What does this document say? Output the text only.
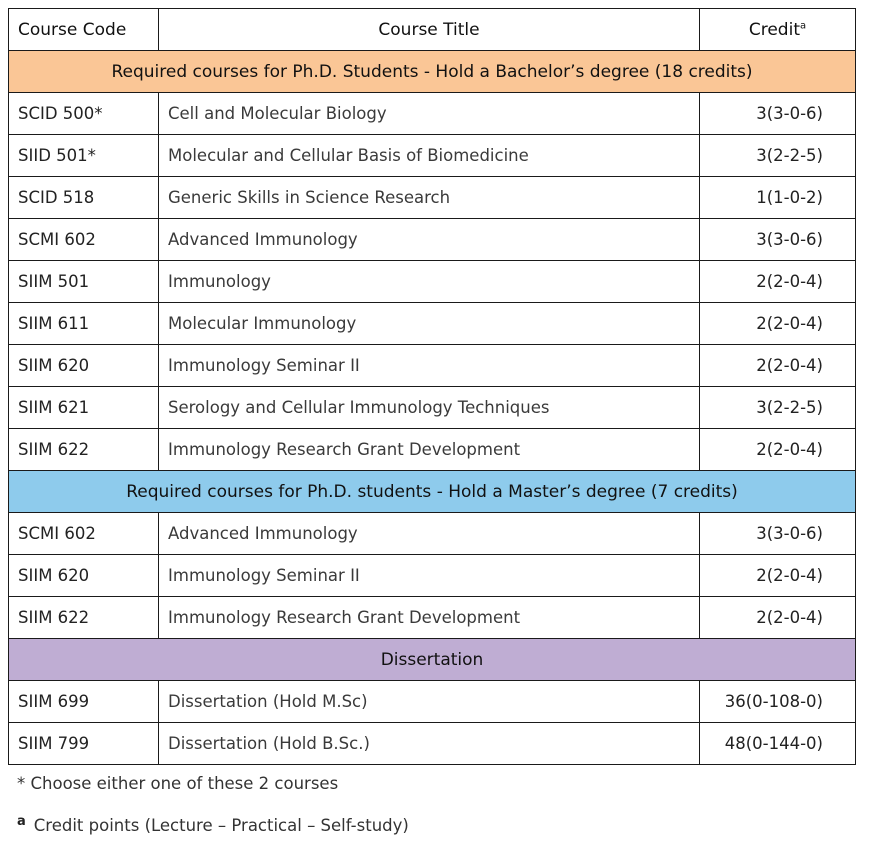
Course Code	Course Title	Credit$^a$
Required courses for Ph.D. Students - Hold a Bachelor’s degree (18 credits)		
SCID 500*	Cell and Molecular Biology	3(3-0-6)
SIID 501*	Molecular and Cellular Basis of Biomedicine	3(2-2-5)
SCID 518	Generic Skills in Science Research	1(1-0-2)
SCMI 602	Advanced Immunology	3(3-0-6)
SIIM 501	Immunology	2(2-0-4)
SIIM 611	Molecular Immunology	2(2-0-4)
SIIM 620	Immunology Seminar II	2(2-0-4)
SIIM 621	Serology and Cellular Immunology Techniques	3(2-2-5)
SIIM 622	Immunology Research Grant Development	2(2-0-4)
Required courses for Ph.D. students - Hold a Master’s degree (7 credits)		
SCMI 602	Advanced Immunology	3(3-0-6)
SIIM 620	Immunology Seminar II	2(2-0-4)
SIIM 622	Immunology Research Grant Development	2(2-0-4)
Dissertation		
SIIM 699	Dissertation (Hold M.Sc)	36(0-108-0)
SIIM 799	Dissertation (Hold B.Sc.)	48(0-144-0)
* Choose either one of these 2 courses
$^a$ Credit points (Lecture – Practical – Self-study)
